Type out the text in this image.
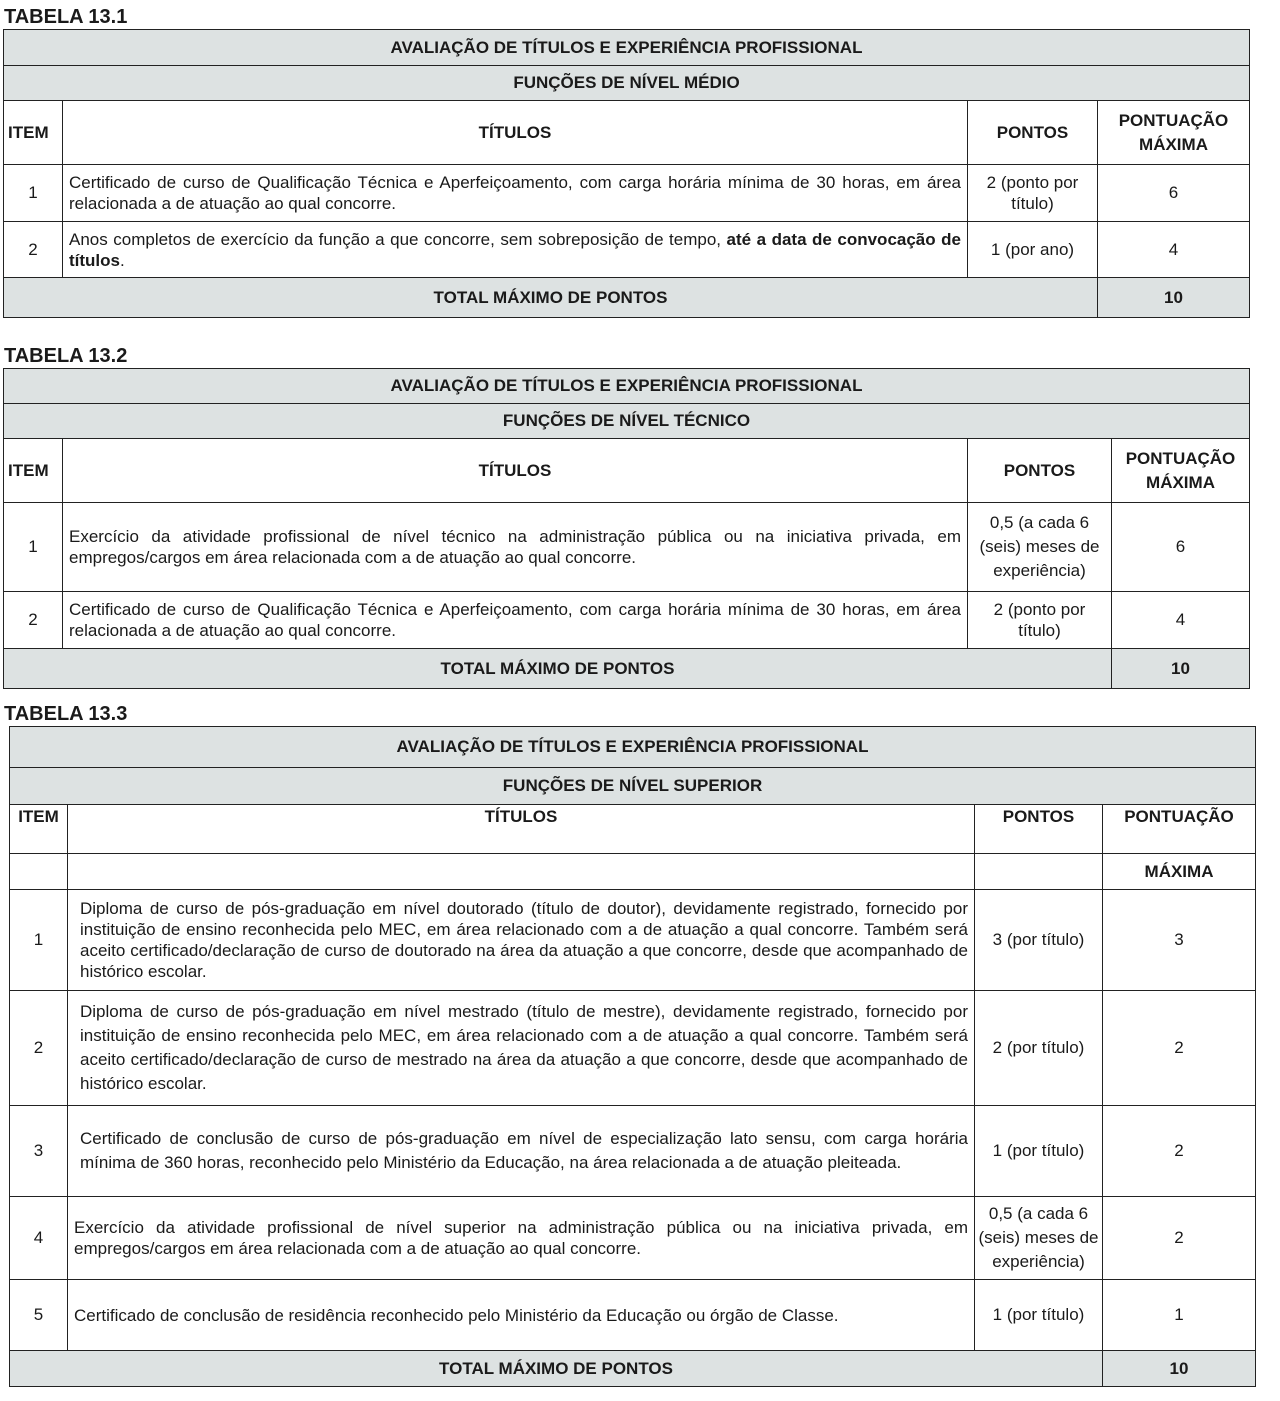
TABELA 13.1
AVALIAÇÃO DE TÍTULOS E EXPERIÊNCIA PROFISSIONAL			
FUNÇÕES DE NÍVEL MÉDIO			
ITEM	TÍTULOS	PONTOS	PONTUAÇÃO MÁXIMA
1	Certificado de curso de Qualificação Técnica e Aperfeiçoamento, com carga horária mínima de 30 horas, em área relacionada a de atuação ao qual concorre.	2 (ponto por título)	6
2	Anos completos de exercício da função a que concorre, sem sobreposição de tempo, até a data de convocação de títulos.	1 (por ano)	4
TOTAL MÁXIMO DE PONTOS			10
TABELA 13.2
AVALIAÇÃO DE TÍTULOS E EXPERIÊNCIA PROFISSIONAL			
FUNÇÕES DE NÍVEL TÉCNICO			
ITEM	TÍTULOS	PONTOS	PONTUAÇÃO MÁXIMA
1	Exercício da atividade profissional de nível técnico na administração pública ou na iniciativa privada, em empregos/cargos em área relacionada com a de atuação ao qual concorre.	0,5 (a cada 6 (seis) meses de experiência)	6
2	Certificado de curso de Qualificação Técnica e Aperfeiçoamento, com carga horária mínima de 30 horas, em área relacionada a de atuação ao qual concorre.	2 (ponto por título)	4
TOTAL MÁXIMO DE PONTOS			10
TABELA 13.3
AVALIAÇÃO DE TÍTULOS E EXPERIÊNCIA PROFISSIONAL			
FUNÇÕES DE NÍVEL SUPERIOR			
ITEM	TÍTULOS	PONTOS	PONTUAÇÃO
			MÁXIMA
1	Diploma de curso de pós-graduação em nível doutorado (título de doutor), devidamente registrado, fornecido por instituição de ensino reconhecida pelo MEC, em área relacionado com a de atuação a qual concorre. Também será aceito certificado/declaração de curso de doutorado na área da atuação a que concorre, desde que acompanhado de histórico escolar.	3 (por título)	3
2	Diploma de curso de pós-graduação em nível mestrado (título de mestre), devidamente registrado, fornecido por instituição de ensino reconhecida pelo MEC, em área relacionado com a de atuação a qual concorre. Também será aceito certificado/declaração de curso de mestrado na área da atuação a que concorre, desde que acompanhado de histórico escolar.	2 (por título)	2
3	Certificado de conclusão de curso de pós-graduação em nível de especialização lato sensu, com carga horária mínima de 360 horas, reconhecido pelo Ministério da Educação, na área relacionada a de atuação pleiteada.	1 (por título)	2
4	Exercício da atividade profissional de nível superior na administração pública ou na iniciativa privada, em empregos/cargos em área relacionada com a de atuação ao qual concorre.	0,5 (a cada 6 (seis) meses de experiência)	2
5	Certificado de conclusão de residência reconhecido pelo Ministério da Educação ou órgão de Classe.	1 (por título)	1
TOTAL MÁXIMO DE PONTOS			10
